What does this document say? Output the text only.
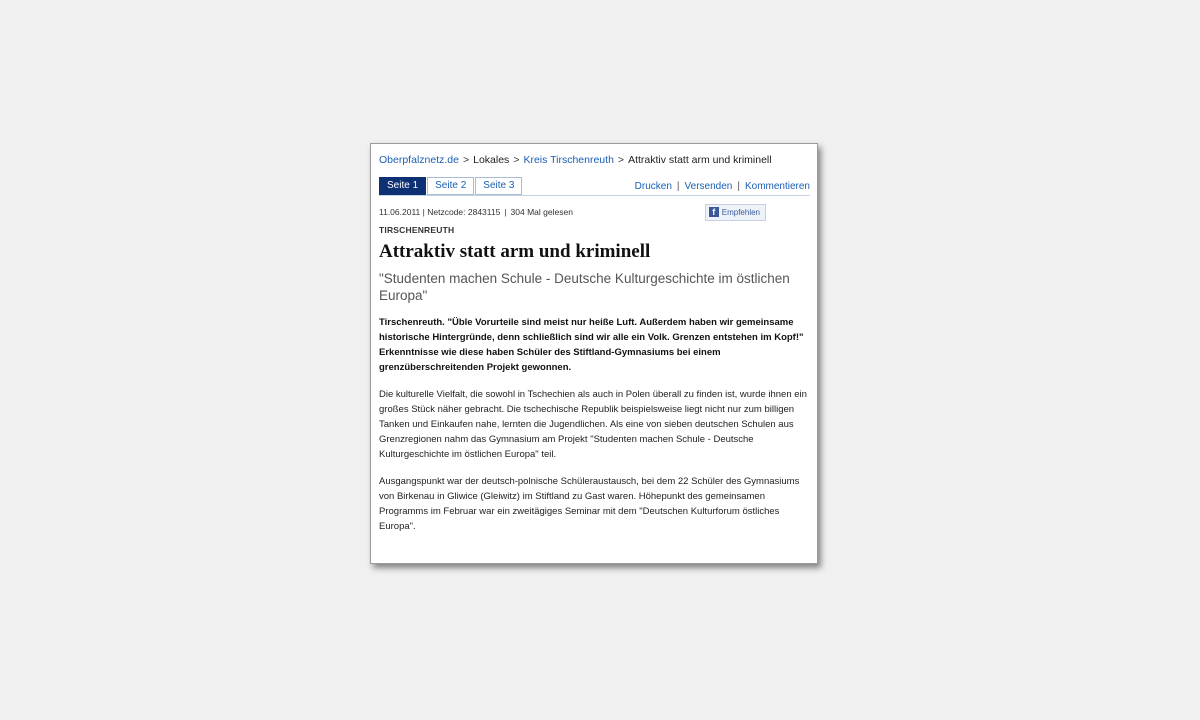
Oberpfalznetz.de > Lokales > Kreis Tirschenreuth > Attraktiv statt arm und kriminell
Seite 1	Seite 2	Seite 3	Drucken | Versenden | Kommentieren
11.06.2011 | Netzcode: 2843115 | 304 Mal gelesen	f Empfehlen
TIRSCHENREUTH
Attraktiv statt arm und kriminell
"Studenten machen Schule - Deutsche Kulturgeschichte im östlichen Europa"
Tirschenreuth. "Üble Vorurteile sind meist nur heiße Luft. Außerdem haben wir gemeinsame historische Hintergründe, denn schließlich sind wir alle ein Volk. Grenzen entstehen im Kopf!" Erkenntnisse wie diese haben Schüler des Stiftland-Gymnasiums bei einem grenzüberschreitenden Projekt gewonnen.
Die kulturelle Vielfalt, die sowohl in Tschechien als auch in Polen überall zu finden ist, wurde ihnen ein großes Stück näher gebracht. Die tschechische Republik beispielsweise liegt nicht nur zum billigen Tanken und Einkaufen nahe, lernten die Jugendlichen. Als eine von sieben deutschen Schulen aus Grenzregionen nahm das Gymnasium am Projekt "Studenten machen Schule - Deutsche Kulturgeschichte im östlichen Europa" teil.
Ausgangspunkt war der deutsch-polnische Schüleraustausch, bei dem 22 Schüler des Gymnasiums von Birkenau in Gliwice (Gleiwitz) im Stiftland zu Gast waren. Höhepunkt des gemeinsamen Programms im Februar war ein zweitägiges Seminar mit dem "Deutschen Kulturforum östliches Europa".
